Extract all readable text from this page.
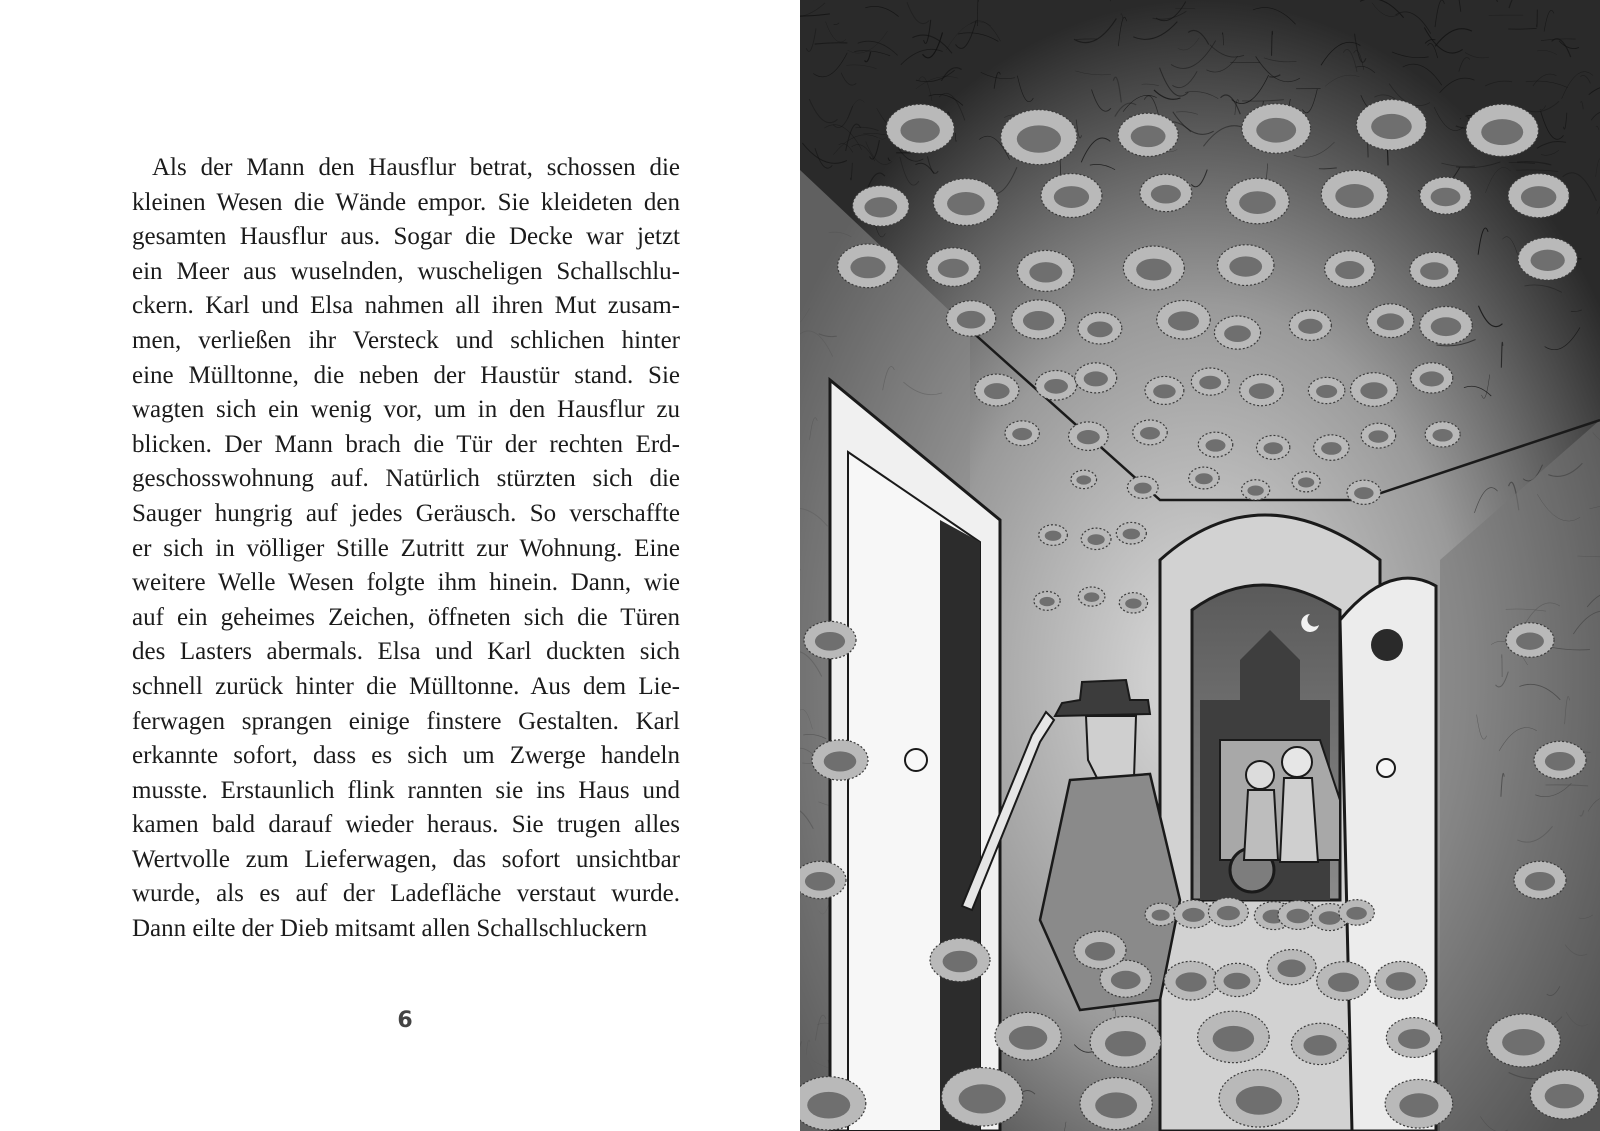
Als der Mann den Hausflur betrat, schossen die
kleinen Wesen die Wände empor. Sie kleideten den
gesamten Hausflur aus. Sogar die Decke war jetzt
ein Meer aus wuselnden, wuscheligen Schallschlu-
ckern. Karl und Elsa nahmen all ihren Mut zusam-
men, verließen ihr Versteck und schlichen hinter
eine Mülltonne, die neben der Haustür stand. Sie
wagten sich ein wenig vor, um in den Hausflur zu
blicken. Der Mann brach die Tür der rechten Erd-
geschosswohnung auf. Natürlich stürzten sich die
Sauger hungrig auf jedes Geräusch. So verschaffte
er sich in völliger Stille Zutritt zur Wohnung. Eine
weitere Welle Wesen folgte ihm hinein. Dann, wie
auf ein geheimes Zeichen, öffneten sich die Türen
des Lasters abermals. Elsa und Karl duckten sich
schnell zurück hinter die Mülltonne. Aus dem Lie-
ferwagen sprangen einige finstere Gestalten. Karl
erkannte sofort, dass es sich um Zwerge handeln
musste. Erstaunlich flink rannten sie ins Haus und
kamen bald darauf wieder heraus. Sie trugen alles
Wertvolle zum Lieferwagen, das sofort unsichtbar
wurde, als es auf der Ladefläche verstaut wurde.
Dann eilte der Dieb mitsamt allen Schallschluckern
6
